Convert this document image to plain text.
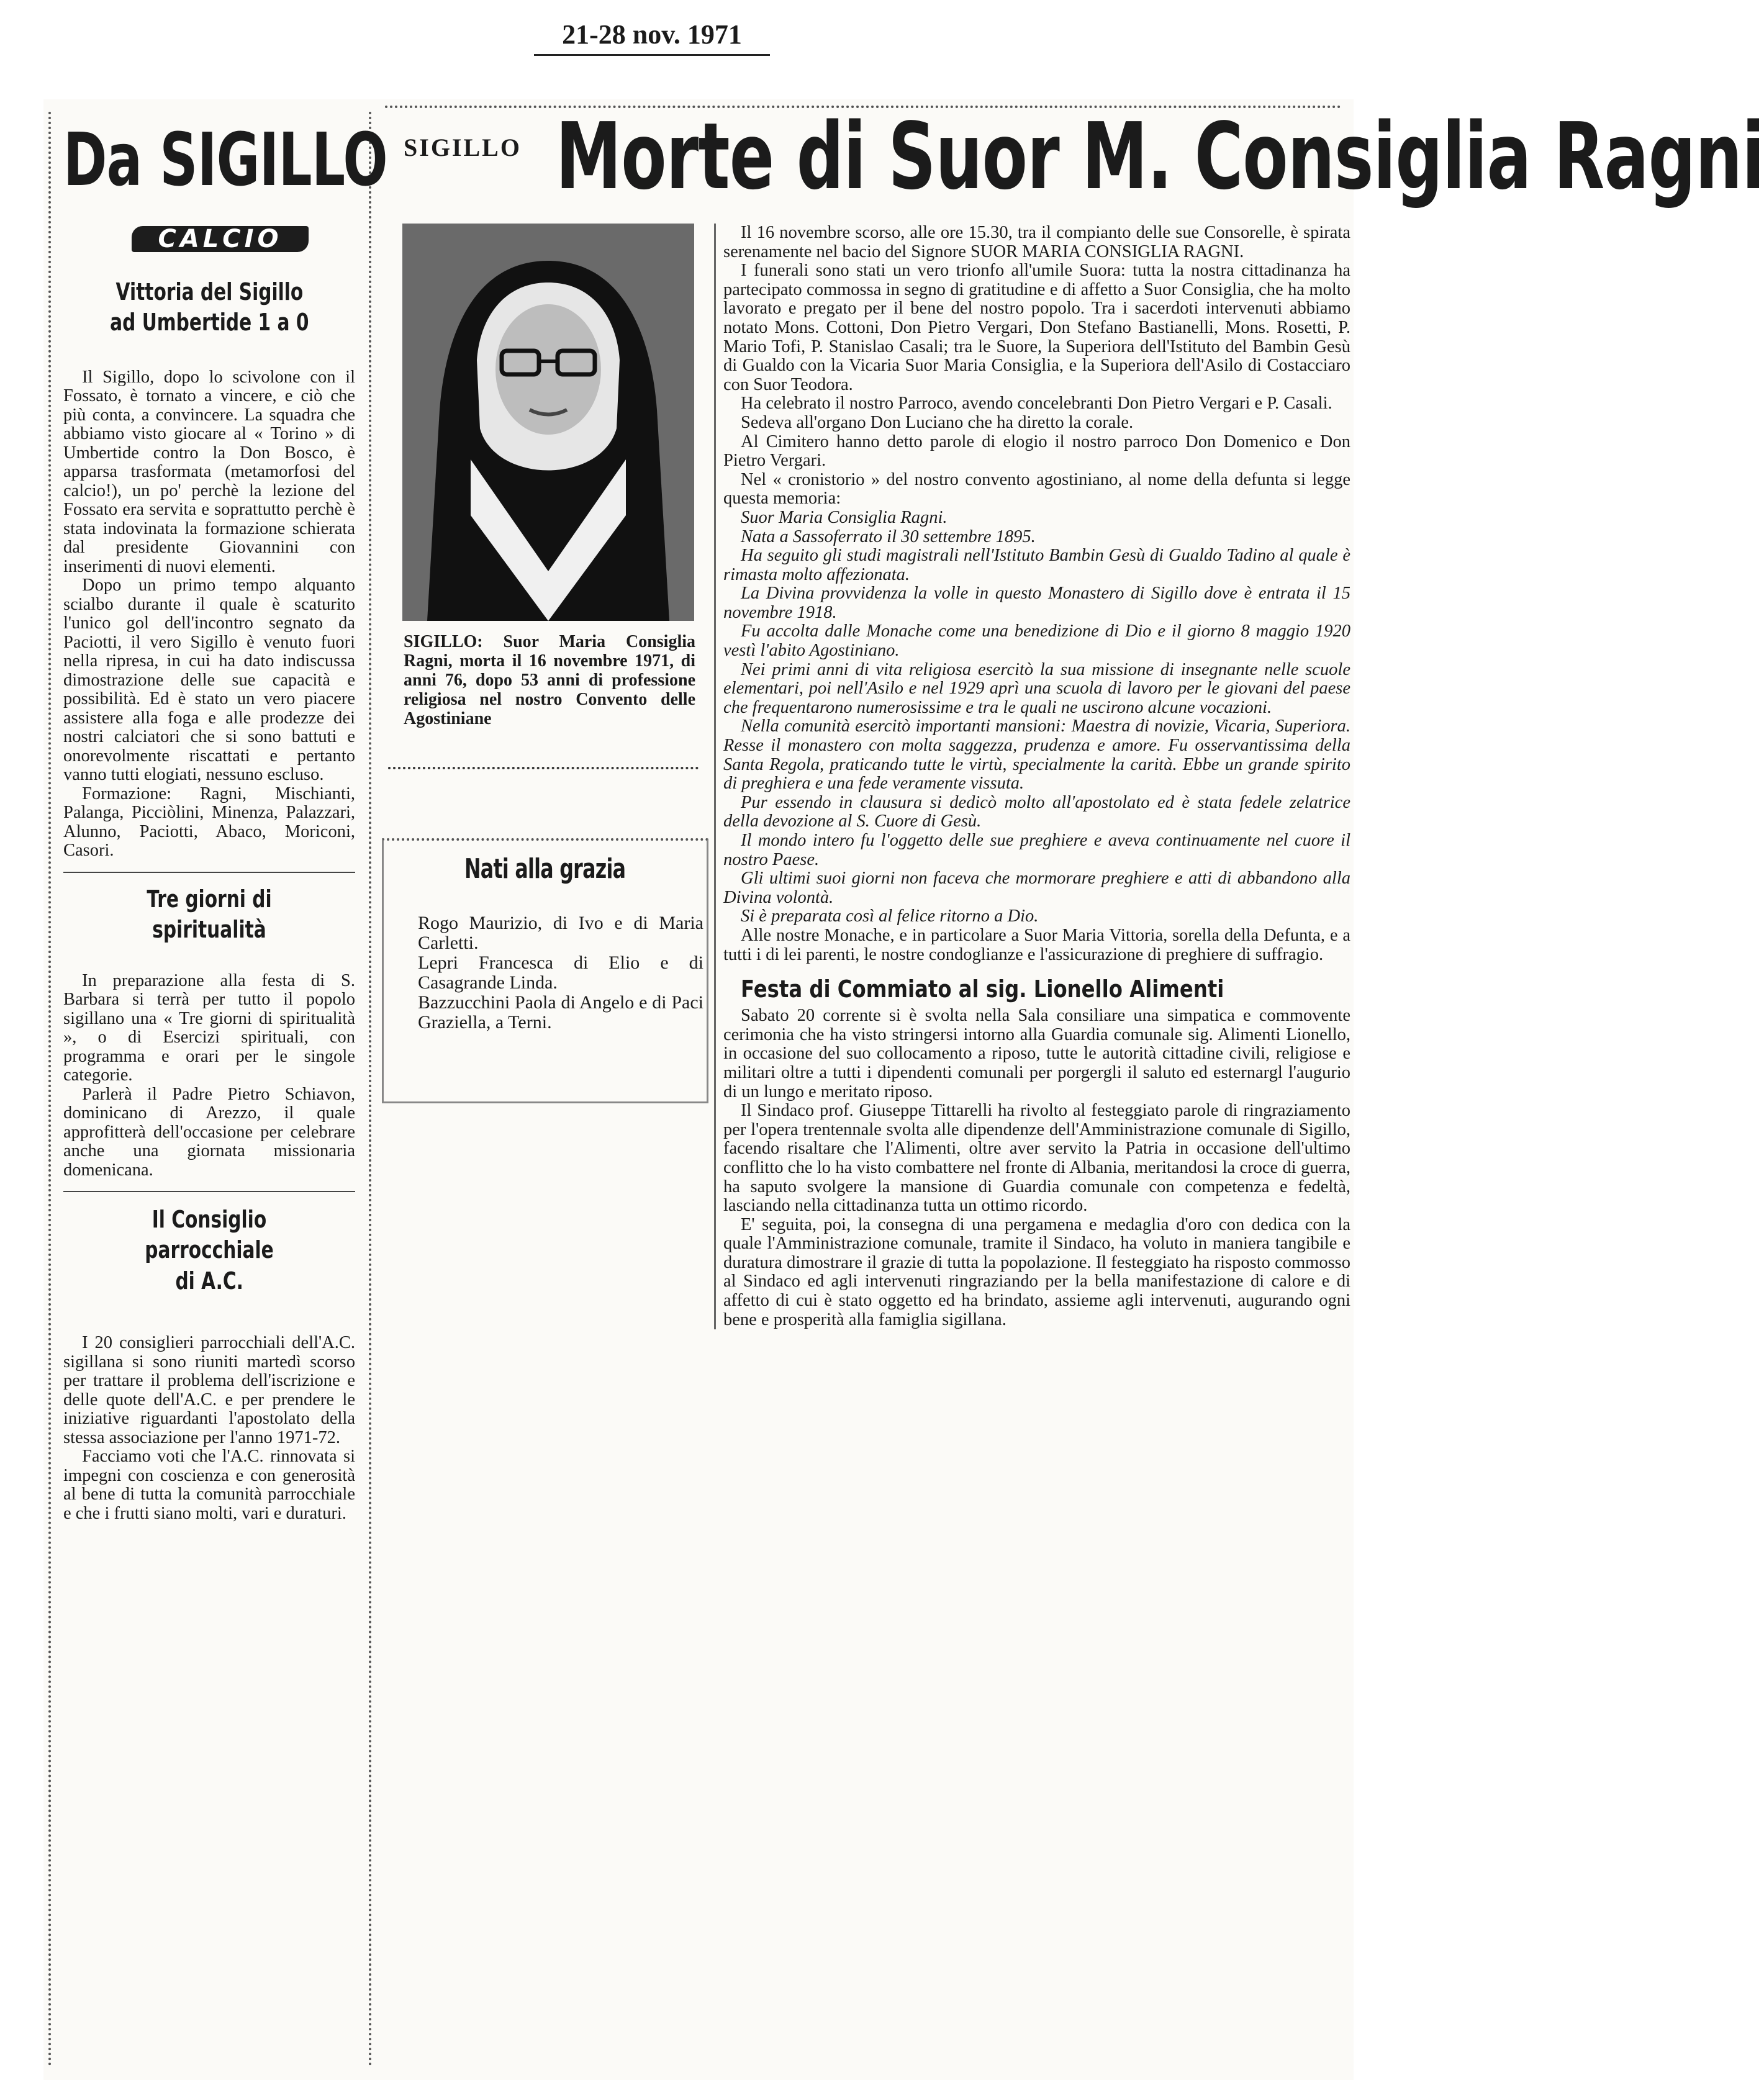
21-28 nov. 1971
Da SIGILLO
CALCIO
Vittoria del Sigillo
ad Umbertide 1 a 0

Il Sigillo, dopo lo scivolone con il Fossato, è tornato a vincere, e ciò che più conta, a convincere. La squadra che abbiamo visto giocare al « Torino » di Umbertide contro la Don Bosco, è apparsa trasformata (metamorfosi del calcio!), un po' perchè la lezione del Fossato era servita e soprattutto perchè è stata indovinata la formazione schierata dal presidente Giovannini con inserimenti di nuovi elementi.

Dopo un primo tempo alquanto scialbo durante il quale è scaturito l'unico gol dell'incontro segnato da Paciotti, il vero Sigillo è venuto fuori nella ripresa, in cui ha dato indiscussa dimostrazione delle sue capacità e possibilità. Ed è stato un vero piacere assistere alla foga e alle prodezze dei nostri calciatori che si sono battuti e onorevolmente riscattati e pertanto vanno tutti elogiati, nessuno escluso.

Formazione: Ragni, Mischianti, Palanga, Picciòlini, Minenza, Palazzari, Alunno, Paciotti, Abaco, Moriconi, Casori.

Tre giorni di spiritualità

In preparazione alla festa di S. Barbara si terrà per tutto il popolo sigillano una « Tre giorni di spiritualità », o di Esercizi spirituali, con programma e orari per le singole categorie.

Parlerà il Padre Pietro Schiavon, dominicano di Arezzo, il quale approfitterà dell'occasione per celebrare anche una giornata missionaria domenicana.

Il Consiglio parrocchiale
di A.C.

I 20 consiglieri parrocchiali dell'A.C. sigillana si sono riuniti martedì scorso per trattare il problema dell'iscrizione e delle quote dell'A.C. e per prendere le iniziative riguardanti l'apostolato della stessa associazione per l'anno 1971-72.

Facciamo voti che l'A.C. rinnovata si impegni con coscienza e con generosità al bene di tutta la comunità parrocchiale e che i frutti siano molti, vari e duraturi.

SIGILLO Morte di Suor M. Consiglia Ragni
SIGILLO: Suor Maria Consiglia Ragni, morta il 16 novembre 1971, di anni 76, dopo 53 anni di professione religiosa nel nostro Convento delle Agostiniane
Nati alla grazia

Rogo Maurizio, di Ivo e di Maria Carletti.

Lepri Francesca di Elio e di Casagrande Linda.

Bazzucchini Paola di Angelo e di Paci Graziella, a Terni.

Il 16 novembre scorso, alle ore 15.30, tra il compianto delle sue Consorelle, è spirata serenamente nel bacio del Signore SUOR MARIA CONSIGLIA RAGNI.

I funerali sono stati un vero trionfo all'umile Suora: tutta la nostra cittadinanza ha partecipato commossa in segno di gratitudine e di affetto a Suor Consiglia, che ha molto lavorato e pregato per il bene del nostro popolo. Tra i sacerdoti intervenuti abbiamo notato Mons. Cottoni, Don Pietro Vergari, Don Stefano Bastianelli, Mons. Rosetti, P. Mario Tofi, P. Stanislao Casali; tra le Suore, la Superiora dell'Istituto del Bambin Gesù di Gualdo con la Vicaria Suor Maria Consiglia, e la Superiora dell'Asilo di Costacciaro con Suor Teodora.

Ha celebrato il nostro Parroco, avendo concelebranti Don Pietro Vergari e P. Casali.

Sedeva all'organo Don Luciano che ha diretto la corale.

Al Cimitero hanno detto parole di elogio il nostro parroco Don Domenico e Don Pietro Vergari.

Nel « cronistorio » del nostro convento agostiniano, al nome della defunta si legge questa memoria:

Suor Maria Consiglia Ragni.

Nata a Sassoferrato il 30 settembre 1895.

Ha seguito gli studi magistrali nell'Istituto Bambin Gesù di Gualdo Tadino al quale è rimasta molto affezionata.

La Divina provvidenza la volle in questo Monastero di Sigillo dove è entrata il 15 novembre 1918.

Fu accolta dalle Monache come una benedizione di Dio e il giorno 8 maggio 1920 vestì l'abito Agostiniano.

Nei primi anni di vita religiosa esercitò la sua missione di insegnante nelle scuole elementari, poi nell'Asilo e nel 1929 aprì una scuola di lavoro per le giovani del paese che frequentarono numerosissime e tra le quali ne uscirono alcune vocazioni.

Nella comunità esercitò importanti mansioni: Maestra di novizie, Vicaria, Superiora. Resse il monastero con molta saggezza, prudenza e amore. Fu osservantissima della Santa Regola, praticando tutte le virtù, specialmente la carità. Ebbe un grande spirito di preghiera e una fede veramente vissuta.

Pur essendo in clausura si dedicò molto all'apostolato ed è stata fedele zelatrice della devozione al S. Cuore di Gesù.

Il mondo intero fu l'oggetto delle sue preghiere e aveva continuamente nel cuore il nostro Paese.

Gli ultimi suoi giorni non faceva che mormorare preghiere e atti di abbandono alla Divina volontà.

Si è preparata così al felice ritorno a Dio.

Alle nostre Monache, e in particolare a Suor Maria Vittoria, sorella della Defunta, e a tutti i di lei parenti, le nostre condoglianze e l'assicurazione di preghiere di suffragio.

Festa di Commiato al sig. Lionello Alimenti

Sabato 20 corrente si è svolta nella Sala consiliare una simpatica e commovente cerimonia che ha visto stringersi intorno alla Guardia comunale sig. Alimenti Lionello, in occasione del suo collocamento a riposo, tutte le autorità cittadine civili, religiose e militari oltre a tutti i dipendenti comunali per porgergli il saluto ed esternargl l'augurio di un lungo e meritato riposo.

Il Sindaco prof. Giuseppe Tittarelli ha rivolto al festeggiato parole di ringraziamento per l'opera trentennale svolta alle dipendenze dell'Amministrazione comunale di Sigillo, facendo risaltare che l'Alimenti, oltre aver servito la Patria in occasione dell'ultimo conflitto che lo ha visto combattere nel fronte di Albania, meritandosi la croce di guerra, ha saputo svolgere la mansione di Guardia comunale con competenza e fedeltà, lasciando nella cittadinanza tutta un ottimo ricordo.

E' seguita, poi, la consegna di una pergamena e medaglia d'oro con dedica con la quale l'Amministrazione comunale, tramite il Sindaco, ha voluto in maniera tangibile e duratura dimostrare il grazie di tutta la popolazione. Il festeggiato ha risposto commosso al Sindaco ed agli intervenuti ringraziando per la bella manifestazione di calore e di affetto di cui è stato oggetto ed ha brindato, assieme agli intervenuti, augurando ogni bene e prosperità alla famiglia sigillana.
